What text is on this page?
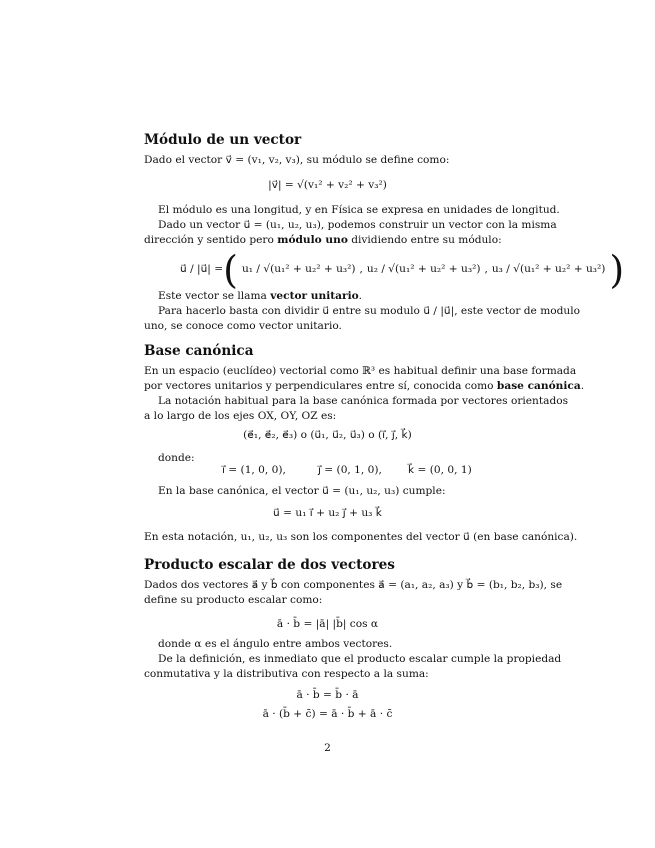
Módulo de un vector
Dado el vector v⃗ = (v₁, v₂, v₃), su módulo se define como:
|v⃗| = √(v₁² + v₂² + v₃²)
El módulo es una longitud, y en Física se expresa en unidades de longitud.
Dado un vector u⃗ = (u₁, u₂, u₃), podemos construir un vector con la misma
dirección y sentido pero módulo uno dividiendo entre su módulo:
u⃗ / |u⃗| = ( u₁ / √(u₁² + u₂² + u₃²) , u₂ / √(u₁² + u₂² + u₃²) , u₃ / √(u₁² + u₂² + u₃²) )
Este vector se llama vector unitario.
Para hacerlo basta con dividir u⃗ entre su modulo u⃗ / |u⃗|, este vector de modulo
uno, se conoce como vector unitario.
Base canónica
En un espacio (euclídeo) vectorial como ℝ³ es habitual definir una base formada
por vectores unitarios y perpendiculares entre sí, conocida como base canónica.
La notación habitual para la base canónica formada por vectores orientados
a lo largo de los ejes OX, OY, OZ es:
(e⃗₁, e⃗₂, e⃗₃) o (u⃗₁, u⃗₂, u⃗₃) o (i⃗, j⃗, k⃗)
donde:
i⃗ = (1, 0, 0),	j⃗ = (0, 1, 0), k⃗ = (0, 0, 1)
En la base canónica, el vector u⃗ = (u₁, u₂, u₃) cumple:
u⃗ = u₁ i⃗ + u₂ j⃗ + u₃ k⃗
En esta notación, u₁, u₂, u₃ son los componentes del vector u⃗ (en base canónica).
Producto escalar de dos vectores
Dados dos vectores a⃗ y b⃗ con componentes a⃗ = (a₁, a₂, a₃) y b⃗ = (b₁, b₂, b₃), se
define su producto escalar como:
ā · b̄ = |ā| |b̄| cos α
donde α es el ángulo entre ambos vectores.
De la definición, es inmediato que el producto escalar cumple la propiedad
conmutativa y la distributiva con respecto a la suma:
ā · b̄ = b̄ · ā
ā · (b̄ + c̄) = ā · b̄ + ā · c̄
2
